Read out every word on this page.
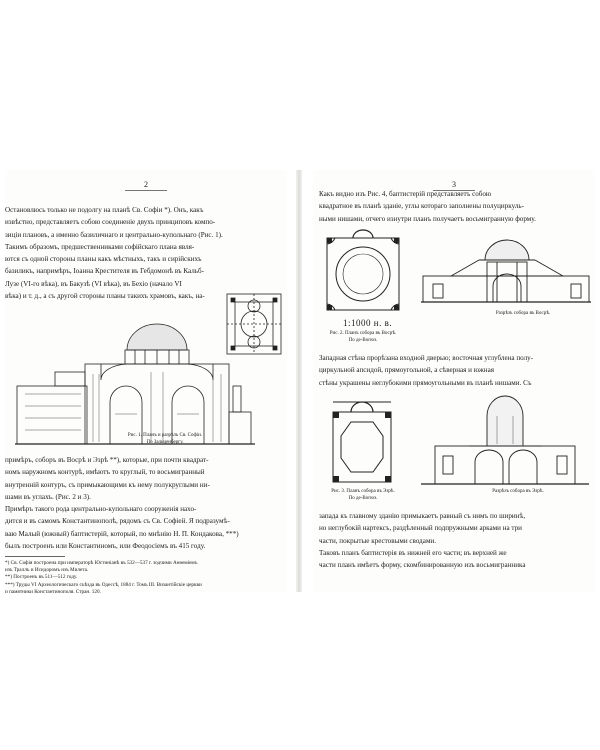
2
Остановлюсь только не подолгу на планѣ Св. Софіи *). Онъ, какъ
извѣстно, представляетъ собою соединеніе двухъ принциповъ компо-
зиціи плановъ, а именно базиличнаго и центрально-купольнаго (Рис. 1).
Такимъ образомъ, предшественниками софійскаго плана явля-
ются съ одной стороны планы какъ мѣстныхъ, такъ и сирійскихъ
базиликъ, напримѣръ, Іоанна Крестителя въ Гебдомонѣ въ Кальб-
Лузе (VI-го вѣка), въ Бакузѣ (VI вѣка), въ Бехіо (начало VI
вѣка) и т. д., а съ другой стороны планы такихъ храмовъ, какъ, на-
Рис. 1. Планъ и разрѣзъ Св. Софіи.
По Зальценбергу.
примѣръ, соборъ въ Восрѣ и Эзрѣ **), которые, при почти квадрат-
номъ наружномъ контурѣ, имѣютъ то круглый, то восьмигранный
внутренній контуръ, съ примыкающими къ нему полукруглыми ни-
шами въ углахъ. (Рис. 2 и 3).
Примѣръ такого рода центрально-купольнаго сооруженія нахо-
дится и въ самомъ Константинополѣ, рядомъ съ Св. Софіей. Я подразумѣ-
ваю Малый (южный) баптистерій, который, по мнѣнію Н. П. Кондакова, ***)
былъ построенъ или Константиномъ, или Феодосіемъ въ 415 году.
*) Св. Софія построена при императорѣ Юстиніанѣ въ 532—537 г. зодчими Анѳеміемъ
изъ Траллъ и Исидоромъ изъ Милета.
**) Построенъ въ 511—512 году.
***) Труды VI Археологическаго съѣзда въ Одессѣ, 1884 г. Томъ III. Византійскіе церкви
и памятники Константинополя. Стран. 120.
3
Какъ видно изъ Рис. 4, баптистерій представляетъ собою
квадратное въ планѣ зданіе, углы котораго заполнены полуциркуль-
ными нишами, отчего изнутри планъ получаетъ восьмигранную форму.
1:1000 н. в.
Рис. 2. Планъ собора въ Восрѣ.
По де-Вогюэ.
Разрѣзъ собора въ Восрѣ.
Западная стѣна прорѣзана входной дверью; восточная углублена полу-
циркульной апсидой, прямоугольной, а сѣверная и южная
стѣны украшены неглубокими прямоугольными въ планѣ нишами. Съ
Рис. 3. Планъ собора въ Эзрѣ.
По де-Вогюэ.
Разрѣзъ собора въ Эзрѣ.
запада къ главному зданію примыкаетъ равный съ нимъ по ширинѣ,
но неглубокій нартексъ, раздѣленный подпружными арками на три
части, покрытые крестовыми сводами.
Таковъ планъ баптистерія въ нижней его части; въ верхней же
части планъ имѣетъ форму, скомбинированную изъ восьмигранника
